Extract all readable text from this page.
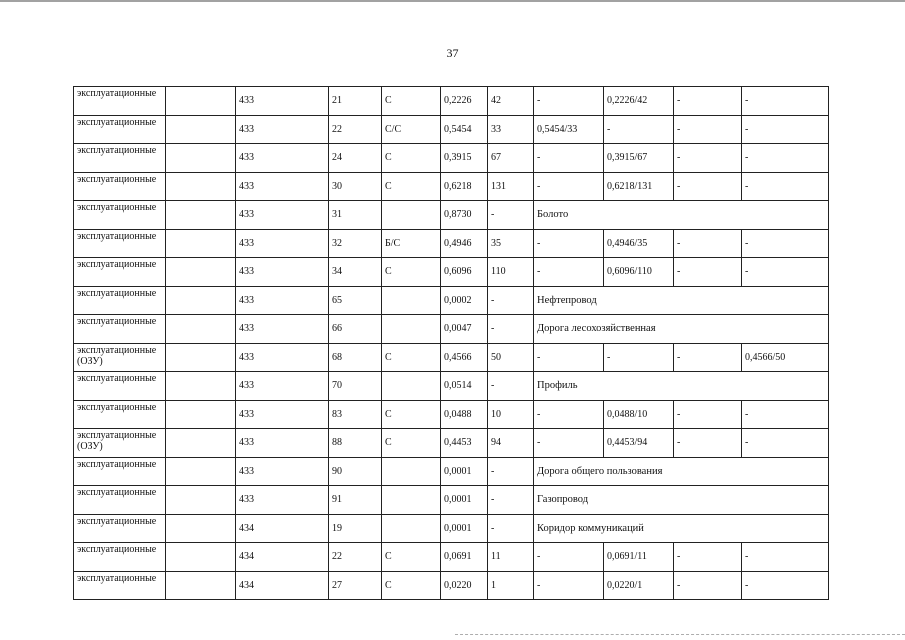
37
эксплуатационные		433	21	С	0,2226	42	-	0,2226/42	-	-
эксплуатационные		433	22	С/С	0,5454	33	0,5454/33	-	-	-
эксплуатационные		433	24	С	0,3915	67	-	0,3915/67	-	-
эксплуатационные		433	30	С	0,6218	131	-	0,6218/131	-	-
эксплуатационные		433	31		0,8730	-	Болото			
эксплуатационные		433	32	Б/С	0,4946	35	-	0,4946/35	-	-
эксплуатационные		433	34	С	0,6096	110	-	0,6096/110	-	-
эксплуатационные		433	65		0,0002	-	Нефтепровод			
эксплуатационные		433	66		0,0047	-	Дорога лесохозяйственная			
эксплуатационные (ОЗУ)		433	68	С	0,4566	50	-	-	-	0,4566/50
эксплуатационные		433	70		0,0514	-	Профиль			
эксплуатационные		433	83	С	0,0488	10	-	0,0488/10	-	-
эксплуатационные (ОЗУ)		433	88	С	0,4453	94	-	0,4453/94	-	-
эксплуатационные		433	90		0,0001	-	Дорога общего пользования			
эксплуатационные		433	91		0,0001	-	Газопровод			
эксплуатационные		434	19		0,0001	-	Коридор коммуникаций			
эксплуатационные		434	22	С	0,0691	11	-	0,0691/11	-	-
эксплуатационные		434	27	С	0,0220	1	-	0,0220/1	-	-
